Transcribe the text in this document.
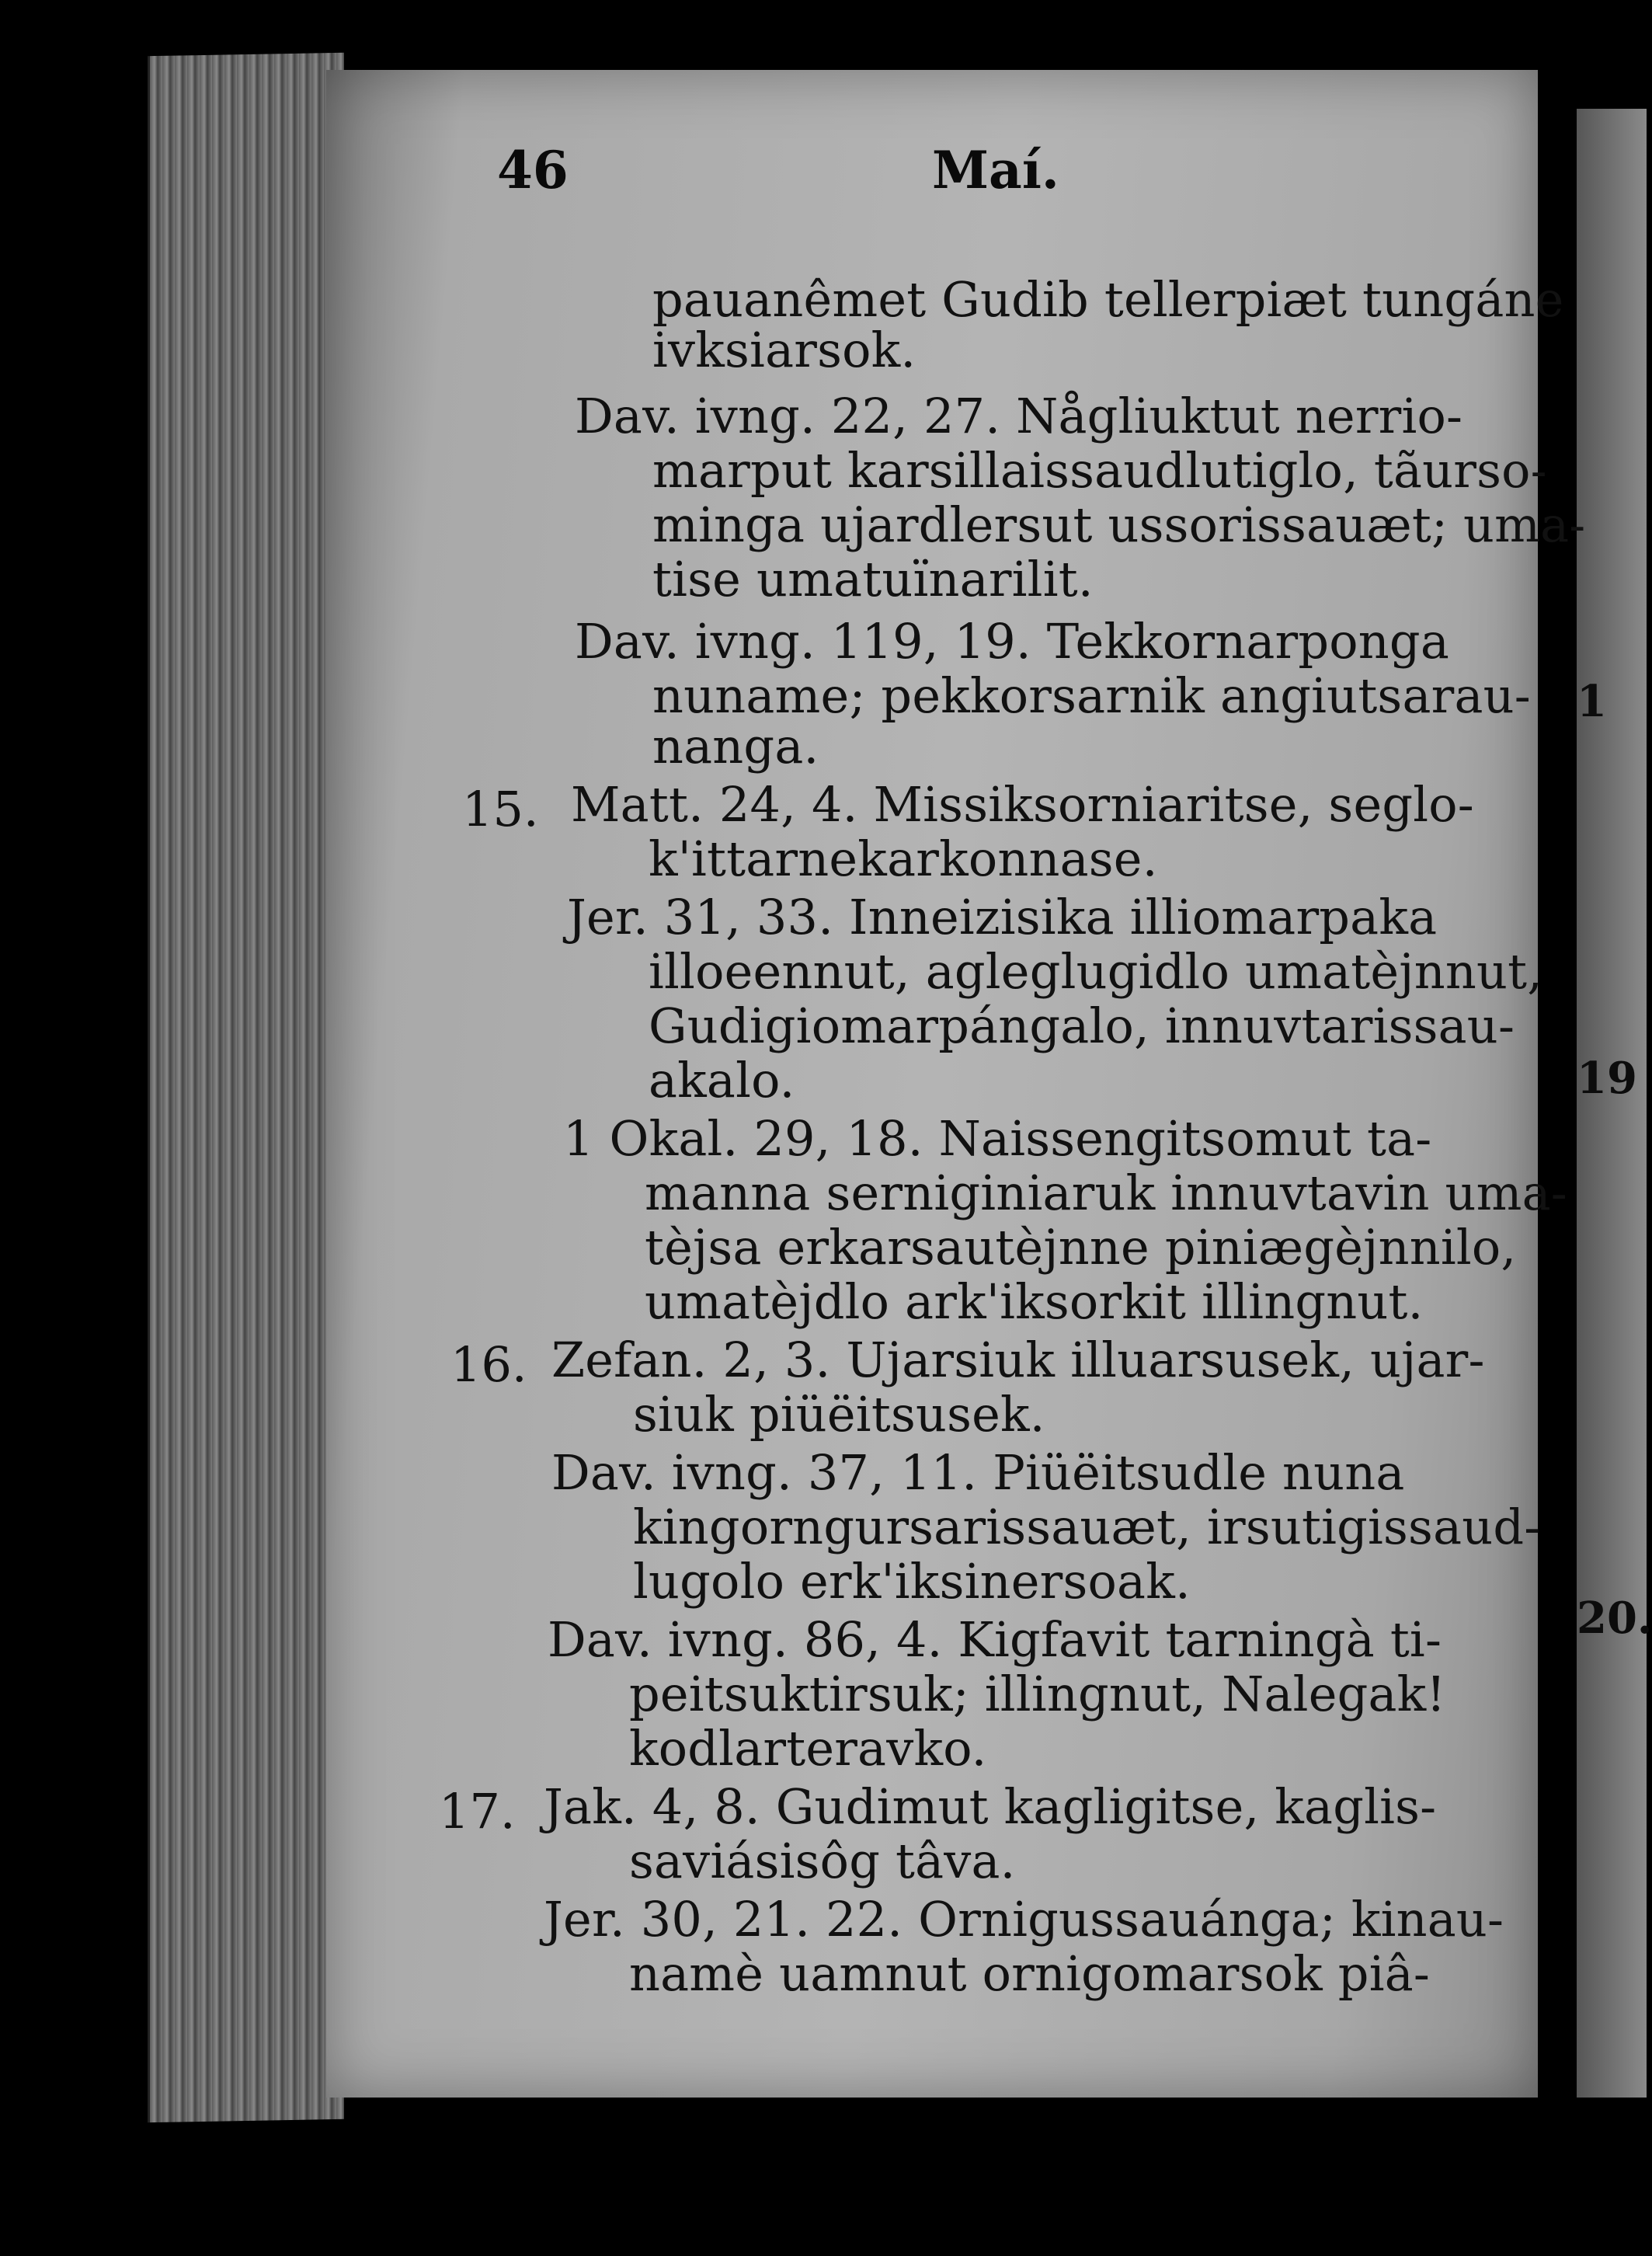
46	Maí.
pauanêmet Gudib tellerpiæt tungáne
ivksiarsok.
Dav. ivng. 22, 27. Någliuktut nerrio-
marput karsillaissaudlutiglo, tãurso-
minga ujardlersut ussorissauæt; uma-
tise umatuïnarilit.
Dav. ivng. 119, 19. Tekkornarponga
nuname; pekkorsarnik angiutsarau-
nanga.
15. Matt. 24, 4. Missiksorniaritse, seglo-
k'ittarnekarkonnase.
Jer. 31, 33. Inneizisika illiomarpaka
illoeennut, agleglugidlo umatèjnnut,
Gudigiomarpángalo, innuvtarissau-
akalo.
1 Okal. 29, 18. Naissengitsomut ta-
manna serniginiaruk innuvtavin uma-
tèjsa erkarsautèjnne piniægèjnnilo,
umatèjdlo ark'iksorkit illingnut.
16. Zefan. 2, 3. Ujarsiuk illuarsusek, ujar-
siuk piüëitsusek.
Dav. ivng. 37, 11. Piüëitsudle nuna
kingorngursarissauæt, irsutigissaud-
lugolo erk'iksinersoak.
Dav. ivng. 86, 4. Kigfavit tarningà ti-
peitsuktirsuk; illingnut, Nalegak!
kodlarteravko.
17. Jak. 4, 8. Gudimut kagligitse, kaglis-
saviásisôg tâva.
Jer. 30, 21. 22. Ornigussauánga; kinau-
namè uamnut ornigomarsok piâ-
1
19
20.
